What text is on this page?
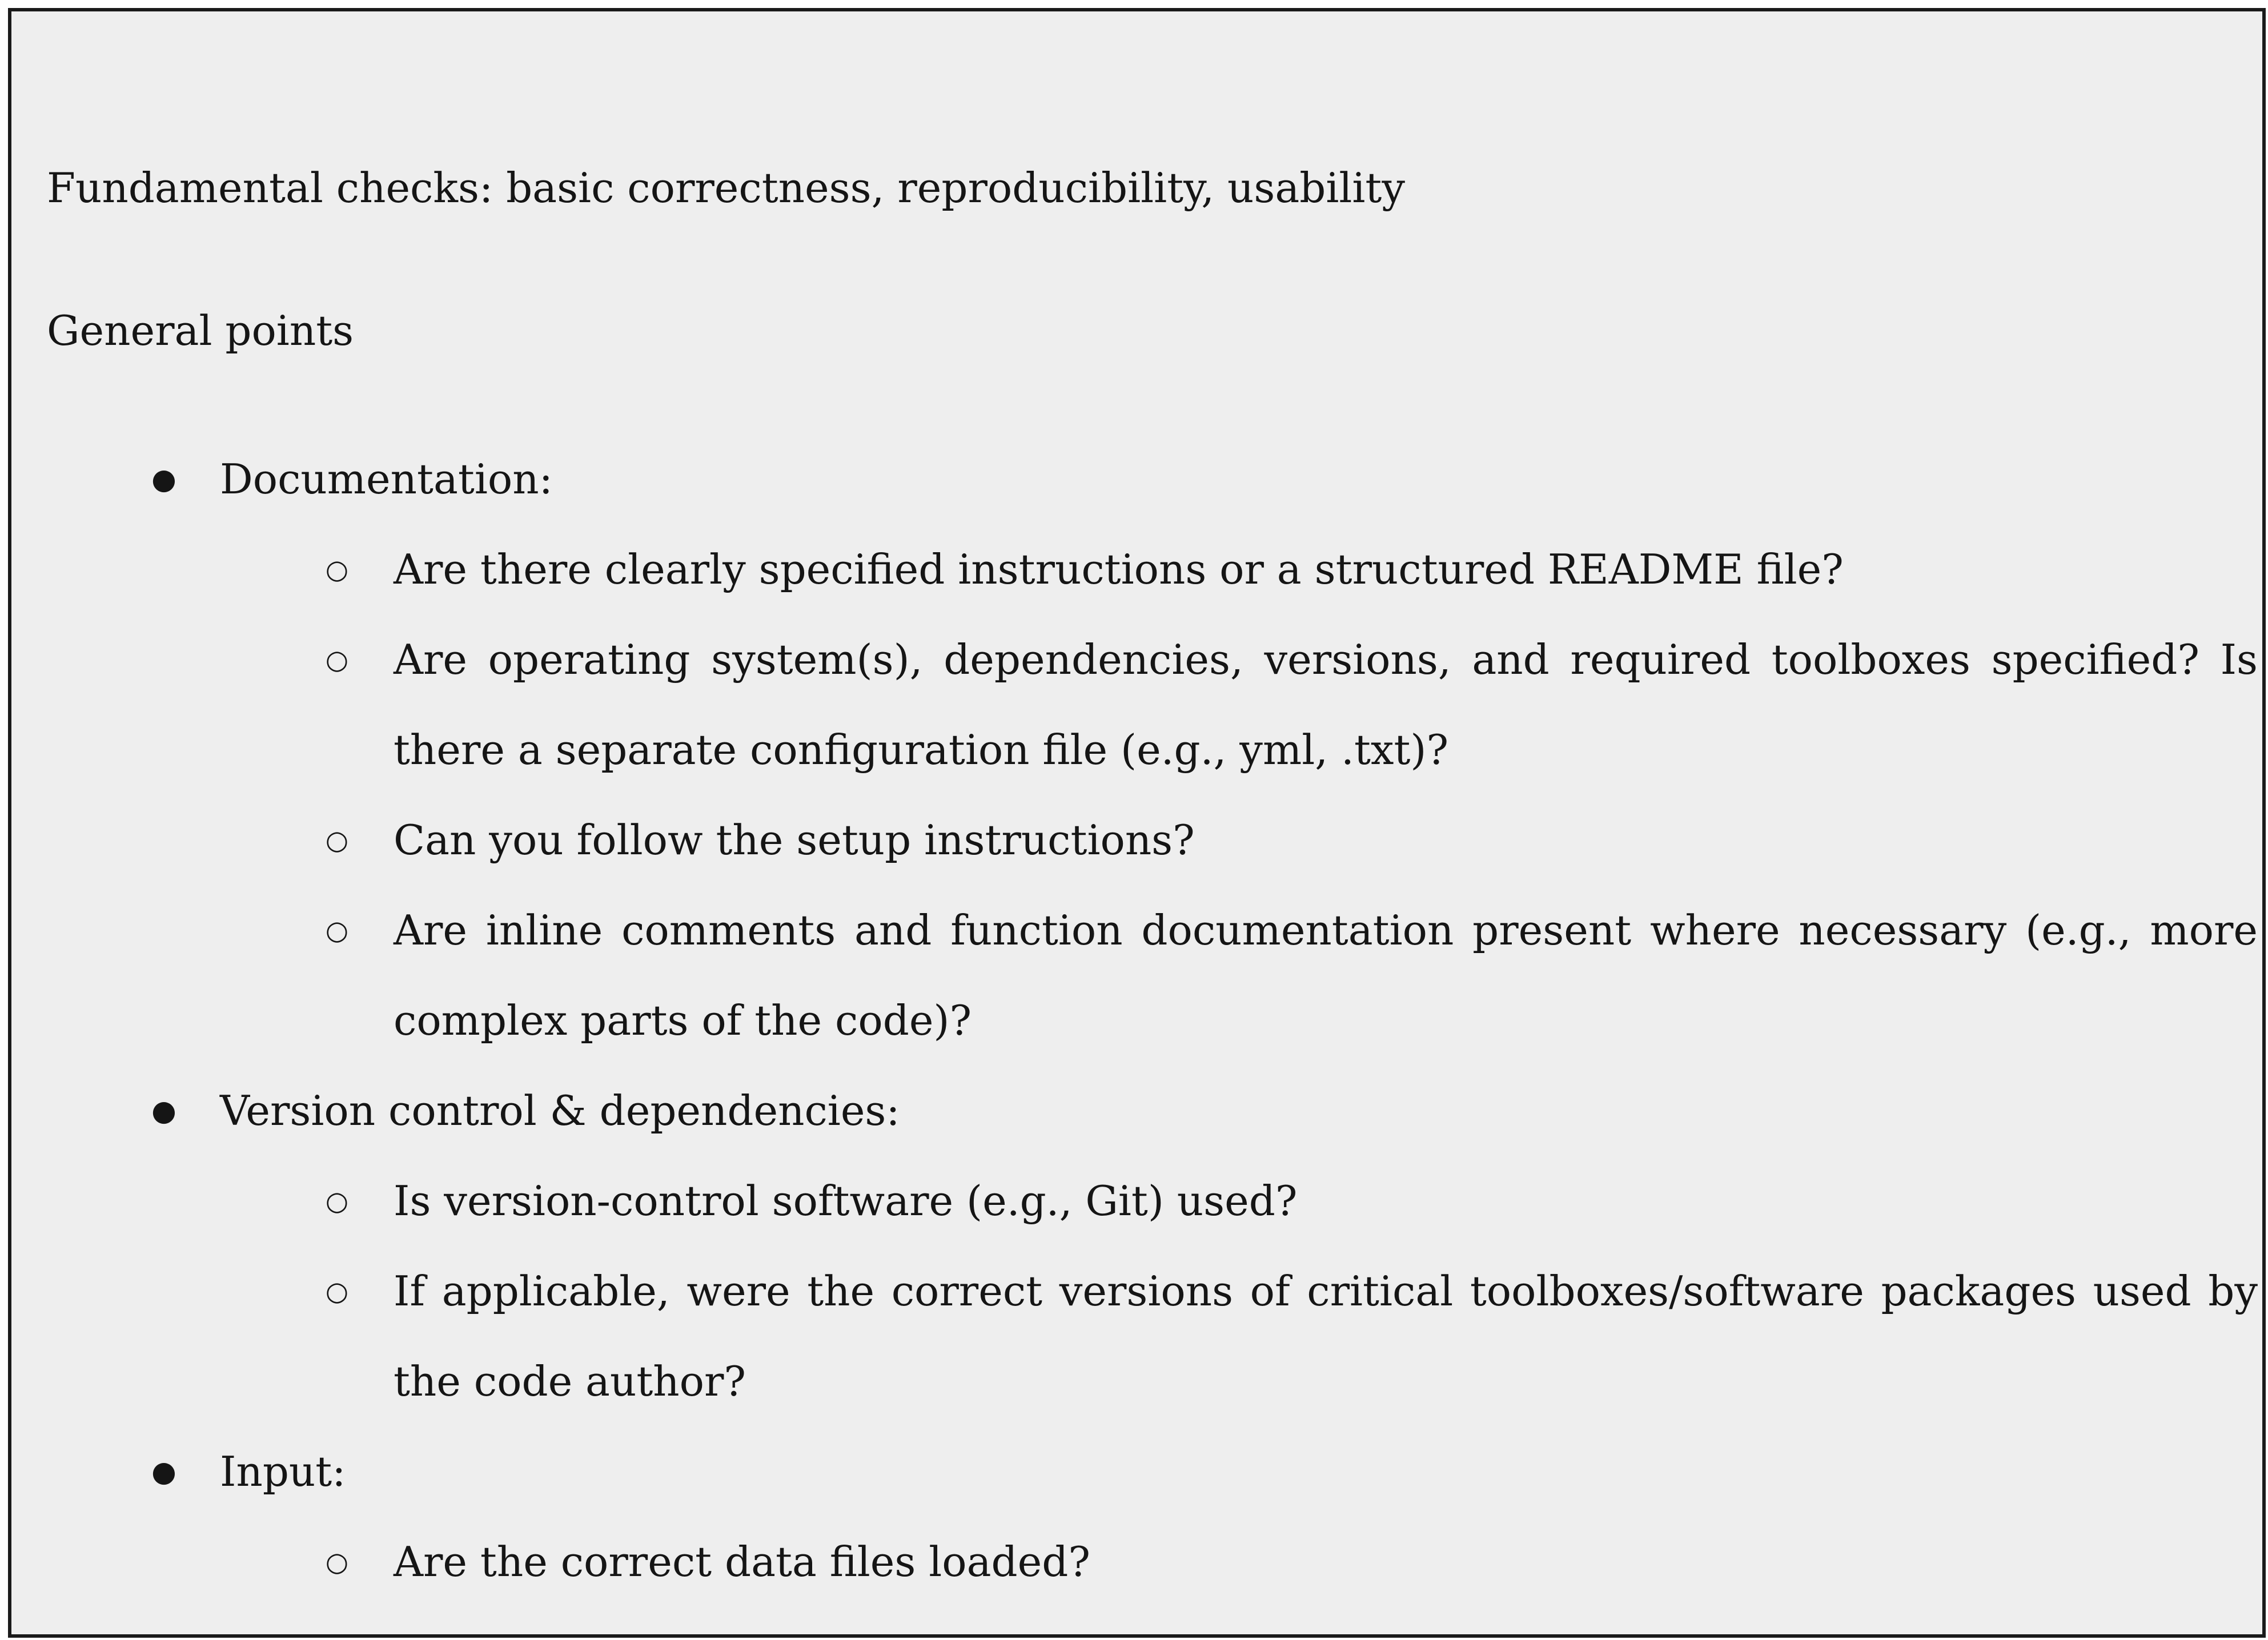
Fundamental checks: basic correctness, reproducibility, usability

General points

● Documentation:
○ Are there clearly specified instructions or a structured README file?
○ Are operating system(s), dependencies, versions, and required toolboxes specified? Is there a separate configuration file (e.g., yml, .txt)?
○ Can you follow the setup instructions?
○ Are inline comments and function documentation present where necessary (e.g., more complex parts of the code)?
● Version control & dependencies:
○ Is version-control software (e.g., Git) used?
○ If applicable, were the correct versions of critical toolboxes/software packages used by the code author?
● Input:
○ Are the correct data files loaded?
